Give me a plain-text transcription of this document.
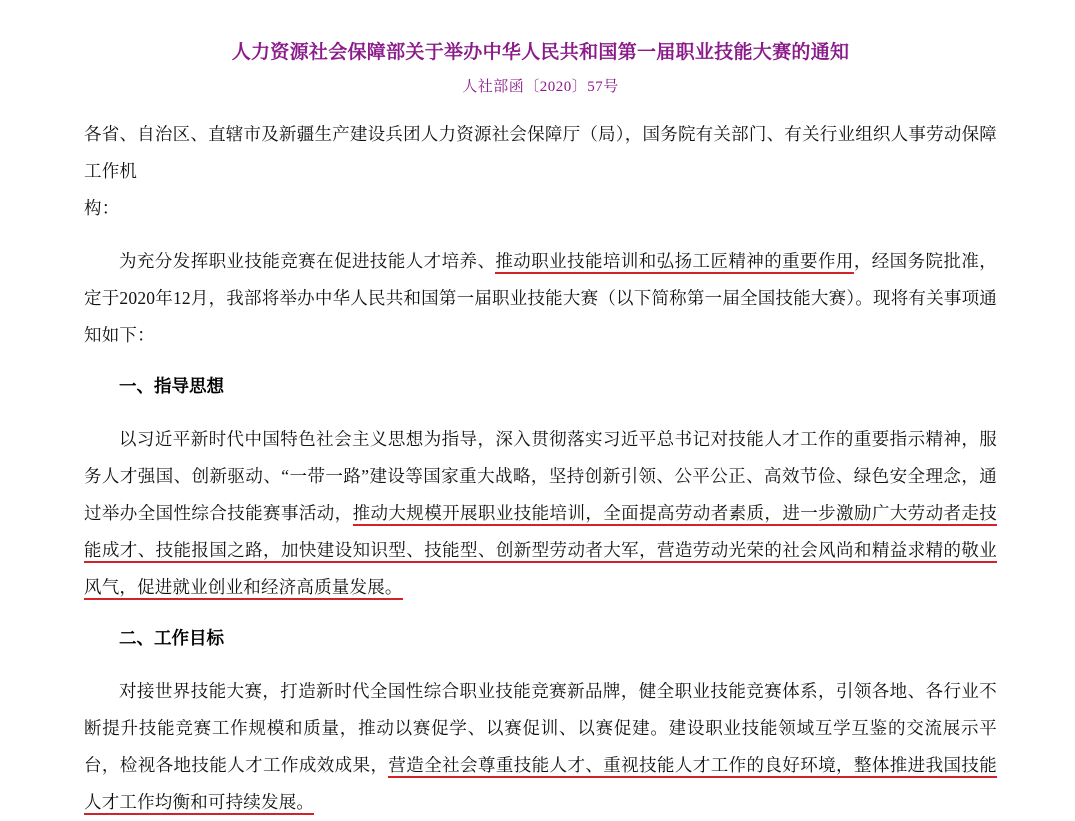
人力资源社会保障部关于举办中华人民共和国第一届职业技能大赛的通知
人社部函〔2020〕57号

各省、自治区、直辖市及新疆生产建设兵团人力资源社会保障厅（局），国务院有关部门、有关行业组织人事劳动保障工作机
构：

为充分发挥职业技能竞赛在促进技能人才培养、推动职业技能培训和弘扬工匠精神的重要作用，经国务院批准，定于2020年12月，我部将举办中华人民共和国第一届职业技能大赛（以下简称第一届全国技能大赛）。现将有关事项通知如下：

一、指导思想

以习近平新时代中国特色社会主义思想为指导，深入贯彻落实习近平总书记对技能人才工作的重要指示精神，服务人才强国、创新驱动、“一带一路”建设等国家重大战略，坚持创新引领、公平公正、高效节俭、绿色安全理念，通过举办全国性综合技能赛事活动，推动大规模开展职业技能培训，全面提高劳动者素质，进一步激励广大劳动者走技能成才、技能报国之路，加快建设知识型、技能型、创新型劳动者大军，营造劳动光荣的社会风尚和精益求精的敬业风气，促进就业创业和经济高质量发展。

二、工作目标

对接世界技能大赛，打造新时代全国性综合职业技能竞赛新品牌，健全职业技能竞赛体系，引领各地、各行业不断提升技能竞赛工作规模和质量，推动以赛促学、以赛促训、以赛促建。建设职业技能领域互学互鉴的交流展示平台，检视各地技能人才工作成效成果，营造全社会尊重技能人才、重视技能人才工作的良好环境，整体推进我国技能人才工作均衡和可持续发展。
